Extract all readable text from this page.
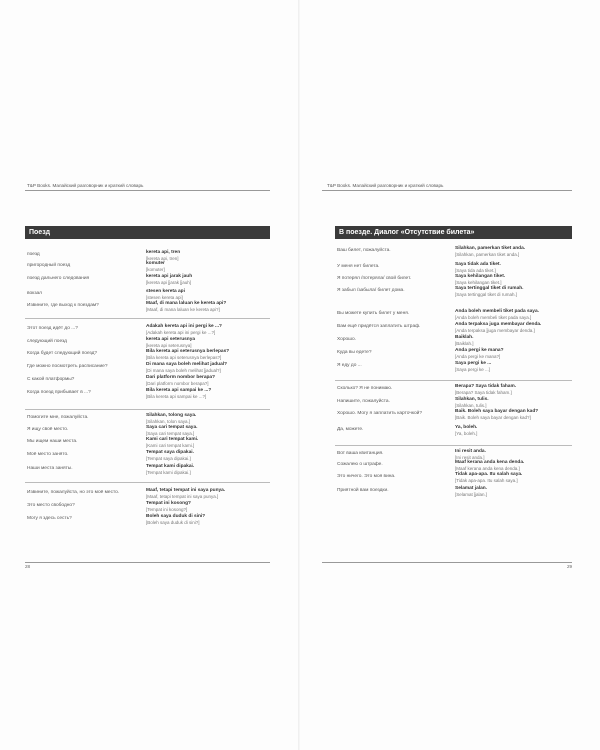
T&P Books. Малайский разговорник и краткий словарь
Поезд
поезд	kereta api, tren
[kereta api, tren]
пригородный поезд	komuter
[komuter]
поезд дальнего следования	kereta api jarak jauh
[kereta api ǰjarak ǰjauh]
вокзал	stesen kereta api
[stesen kereta api]
Извините, где выход к поездам?	Maaf, di mana laluan ke kereta api?
[Maaf, di mana laluan ke kereta api?]
Этот поезд идёт до ...?	Adakah kereta api ini pergi ke ...?
[Adakah kereta api ini pergi ke ...?]
следующий поезд	kereta api seterusnya
[kereta api seterusnya]
Когда будет следующий поезд?	Bila kereta api seterusnya berlepas?
[Bila kereta api seterusnya berlepas?]
Где можно посмотреть расписание?	Di mana saya boleh melihat jadual?
[Di mana saya boleh melihat ǰjadual?]
С какой платформы?	Dari platform nombor berapa?
[Dari platform nombor berapa?]
Когда поезд прибывает в ...?	Bila kereta api sampai ke ...?
[Bila kereta api sampai ke ...?]
Помогите мне, пожалуйста.	Silahkan, tolong saya.
[Silahkan, tolon saya.]
Я ищу своё место.	Saya cari tempat saya.
[Saya cari tempat saya.]
Мы ищем наши места.	Kami cari tempat kami.
[Kami cari tempat kami.]
Моё место занято.	Tempat saya dipakai.
[Tempat saya dipakai.]
Наши места заняты.	Tempat kami dipakai.
[Tempat kami dipakai.]
Извините, пожалуйста, но это моё место.	Maaf, tetapi tempat ini saya punya.
[Maaf, tetapi tempat ini saya punya.]
Это место свободно?	Tempat ini kosong?
[Tempat ini kosong?]
Могу я здесь сесть?	Boleh saya duduk di sini?
[Boleh saya duduk di sini?]
28
T&P Books. Малайский разговорник и краткий словарь
В поезде. Диалог «Отсутствие билета»
Ваш билет, пожалуйста.	Silahkan, pamerkan tiket anda.
[Silahkan, pamerkan tiket anda.]
У меня нет билета.	Saya tidak ada tiket.
[Saya tida ada tiket.]
Я потерял /потеряла/ свой билет.	Saya kehilangan tiket.
[Saya kehilangan tiket.]
Я забыл /забыла/ билет дома.	Saya tertinggal tiket di rumah.
[Saya tertinggal tiket di rumah.]
Вы можете купить билет у меня.	Anda boleh membeli tiket pada saya.
[Anda boleh membeli tiket pada saya.]
Вам ещё придётся заплатить штраф.	Anda terpaksa juga membayar denda.
[Anda terpaksa ǰjuga membayar denda.]
Хорошо.	Baiklah.
[Baiklah.]
Куда вы едете?	Anda pergi ke mana?
[Anda pergi ke mana?]
Я еду до ...	Saya pergi ke ...
[Saya pergi ke ...]
Сколько? Я не понимаю.	Berapa? Saya tidak faham.
[Berapa? Saya tidak faham.]
Напишите, пожалуйста.	Silahkan, tulis.
[Silahkan, tulis.]
Хорошо. Могу я заплатить карточкой?	Baik. Boleh saya bayar dengan kad?
[Baik. Boleh saya bayar dengan kad?]
Да, можете.	Ya, boleh.
[Ya, boleh.]
Вот ваша квитанция.	Ini resit anda.
[Ini resit anda.]
Сожалею о штрафе.	Maaf kerana anda kena denda.
[Maaf kerana anda kena denda.]
Это ничего. Это моя вина.	Tidak apa-apa. Itu salah saya.
[Tidak apa-apa. Itu salah saya.]
Приятной вам поездки.	Selamat jalan.
[Selamat ǰjalan.]
29
